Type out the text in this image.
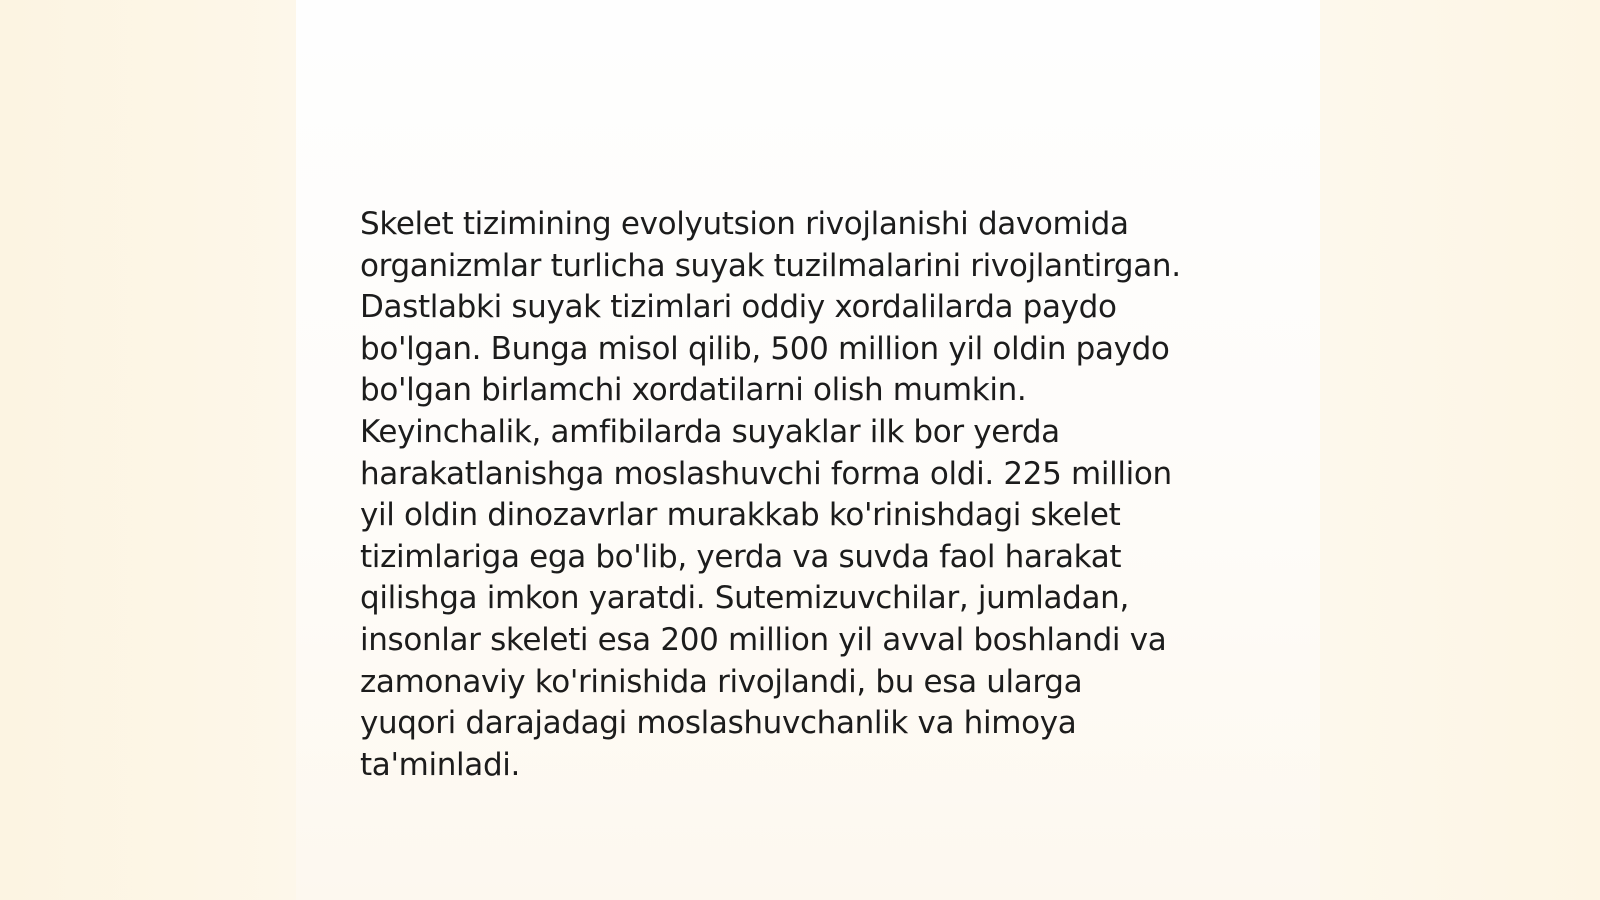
Skelet tizimining evolyutsion rivojlanishi davomida
organizmlar turlicha suyak tuzilmalarini rivojlantirgan.
Dastlabki suyak tizimlari oddiy xordalilarda paydo
bo'lgan. Bunga misol qilib, 500 million yil oldin paydo
bo'lgan birlamchi xordatilarni olish mumkin.
Keyinchalik, amfibilarda suyaklar ilk bor yerda
harakatlanishga moslashuvchi forma oldi. 225 million
yil oldin dinozavrlar murakkab ko'rinishdagi skelet
tizimlariga ega bo'lib, yerda va suvda faol harakat
qilishga imkon yaratdi. Sutemizuvchilar, jumladan,
insonlar skeleti esa 200 million yil avval boshlandi va
zamonaviy ko'rinishida rivojlandi, bu esa ularga
yuqori darajadagi moslashuvchanlik va himoya
ta'minladi.
